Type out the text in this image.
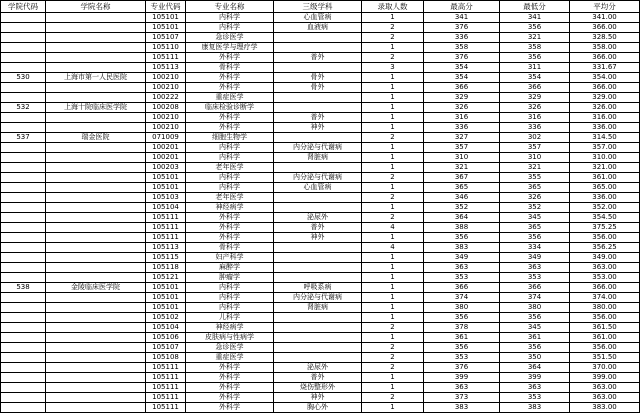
学院代码	学院名称	专业代码	专业名称	三级学科	录取人数	最高分	最低分	平均分
		105101	内科学	心血管病	1	341	341	341.00
		105101	内科学	血液病	2	376	356	366.00
		105107	急诊医学		2	336	321	328.50
		105110	康复医学与理疗学		1	358	358	358.00
		105111	外科学	普外	2	376	356	366.00
		105113	骨科学		3	354	311	331.67
530	上海市第一人民医院	100210	外科学	骨外	1	354	354	354.00
		100210	外科学	骨外	1	366	366	366.00
		100222	重症医学		1	329	329	329.00
532	上海十院临床医学院	100208	临床检验诊断学		1	326	326	326.00
		100210	外科学	普外	1	316	316	316.00
		100210	外科学	神外	1	336	336	336.00
537	瑞金医院	071009	细胞生物学		2	327	302	314.50
		100201	内科学	内分泌与代谢病	1	357	357	357.00
		100201	内科学	肾脏病	1	310	310	310.00
		100203	老年医学		1	321	321	321.00
		105101	内科学	内分泌与代谢病	2	367	355	361.00
		105101	内科学	心血管病	1	365	365	365.00
		105103	老年医学		2	346	326	336.00
		105104	神经病学		1	352	352	352.00
		105111	外科学	泌尿外	2	364	345	354.50
		105111	外科学	普外	4	388	365	375.25
		105111	外科学	神外	1	356	356	356.00
		105113	骨科学		4	383	334	356.25
		105115	妇产科学		1	349	349	349.00
		105118	麻醉学		1	363	363	363.00
		105121	肿瘤学		1	353	353	353.00
538	金陵临床医学院	105101	内科学	呼吸系病	1	366	366	366.00
		105101	内科学	内分泌与代谢病	1	374	374	374.00
		105101	内科学	肾脏病	1	380	380	380.00
		105102	儿科学		1	356	356	356.00
		105104	神经病学		2	378	345	361.50
		105106	皮肤病与性病学		1	361	361	361.00
		105107	急诊医学		2	356	356	356.00
		105108	重症医学		2	353	350	351.50
		105111	外科学	泌尿外	2	376	364	370.00
		105111	外科学	普外	1	399	399	399.00
		105111	外科学	烧伤整形外	1	363	363	363.00
		105111	外科学	神外	2	373	353	363.00
		105111	外科学	胸心外	1	383	383	383.00
